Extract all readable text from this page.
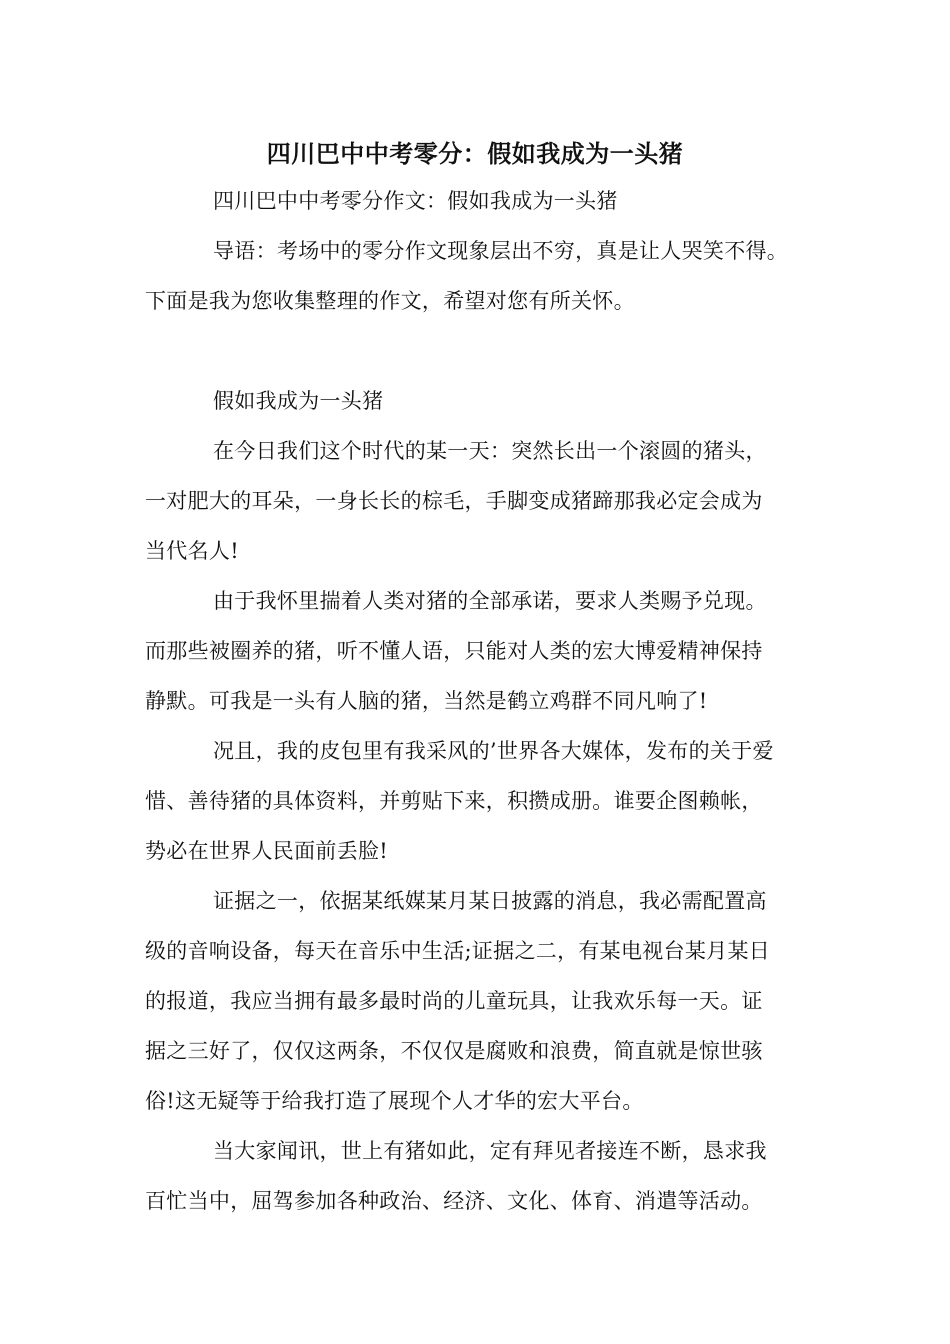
四川巴中中考零分：假如我成为一头猪
四川巴中中考零分作文：假如我成为一头猪
导语：考场中的零分作文现象层出不穷，真是让人哭笑不得。
下面是我为您收集整理的作文，希望对您有所关怀。
假如我成为一头猪
在今日我们这个时代的某一天：突然长出一个滚圆的猪头，
一对肥大的耳朵，一身长长的棕毛，手脚变成猪蹄那我必定会成为
当代名人!
由于我怀里揣着人类对猪的全部承诺，要求人类赐予兑现。
而那些被圈养的猪，听不懂人语，只能对人类的宏大博爱精神保持
静默。可我是一头有人脑的猪，当然是鹤立鸡群不同凡响了!
况且，我的皮包里有我采风的’世界各大媒体，发布的关于爱
惜、善待猪的具体资料，并剪贴下来，积攒成册。谁要企图赖帐，
势必在世界人民面前丢脸!
证据之一，依据某纸媒某月某日披露的消息，我必需配置高
级的音响设备，每天在音乐中生活;证据之二，有某电视台某月某日
的报道，我应当拥有最多最时尚的儿童玩具，让我欢乐每一天。证
据之三好了，仅仅这两条，不仅仅是腐败和浪费，简直就是惊世骇
俗!这无疑等于给我打造了展现个人才华的宏大平台。
当大家闻讯，世上有猪如此，定有拜见者接连不断，恳求我
百忙当中，屈驾参加各种政治、经济、文化、体育、消遣等活动。
